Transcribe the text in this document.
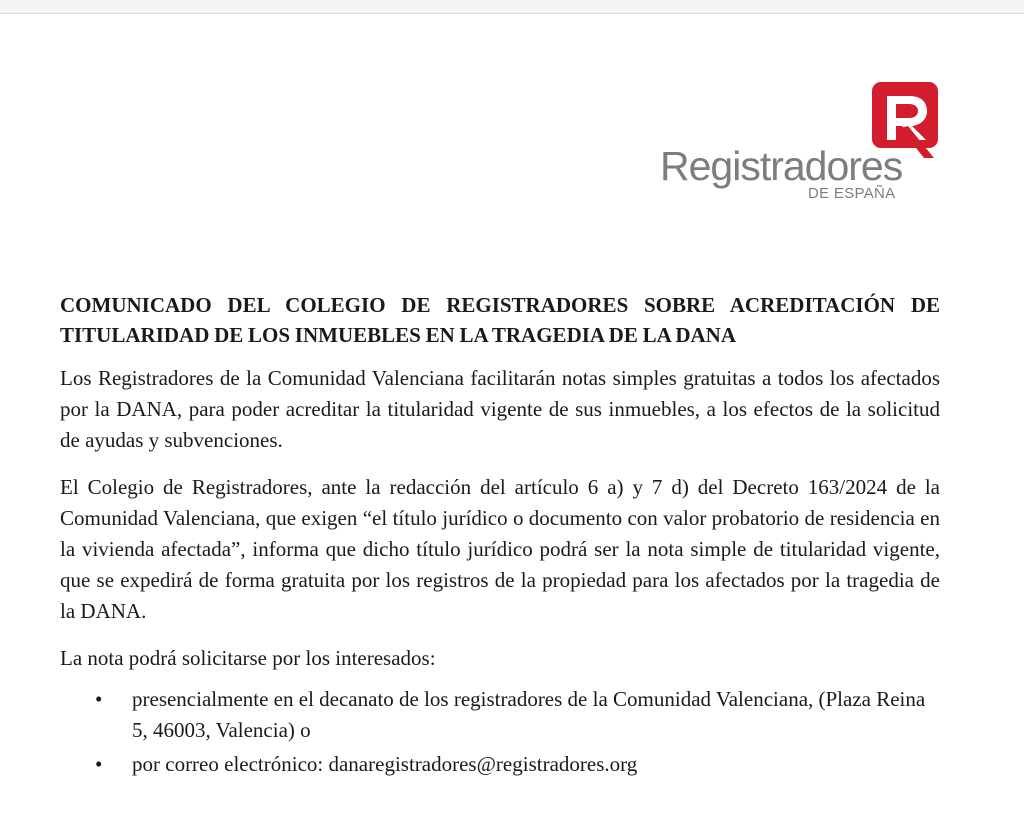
Registradores
DE ESPAÑA

COMUNICADO DEL COLEGIO DE REGISTRADORES SOBRE ACREDITACIÓN DE TITULARIDAD DE LOS INMUEBLES EN LA TRAGEDIA DE LA DANA

Los Registradores de la Comunidad Valenciana facilitarán notas simples gratuitas a todos los afectados por la DANA, para poder acreditar la titularidad vigente de sus inmuebles, a los efectos de la solicitud de ayudas y subvenciones.

El Colegio de Registradores, ante la redacción del artículo 6 a) y 7 d) del Decreto 163/2024 de la Comunidad Valenciana, que exigen “el título jurídico o documento con valor probatorio de residencia en la vivienda afectada”, informa que dicho título jurídico podrá ser la nota simple de titularidad vigente, que se expedirá de forma gratuita por los registros de la propiedad para los afectados por la tragedia de la DANA.

La nota podrá solicitarse por los interesados:

• presencialmente en el decanato de los registradores de la Comunidad Valenciana, (Plaza Reina 5, 46003, Valencia) o
• por correo electrónico: danaregistradores@registradores.org
